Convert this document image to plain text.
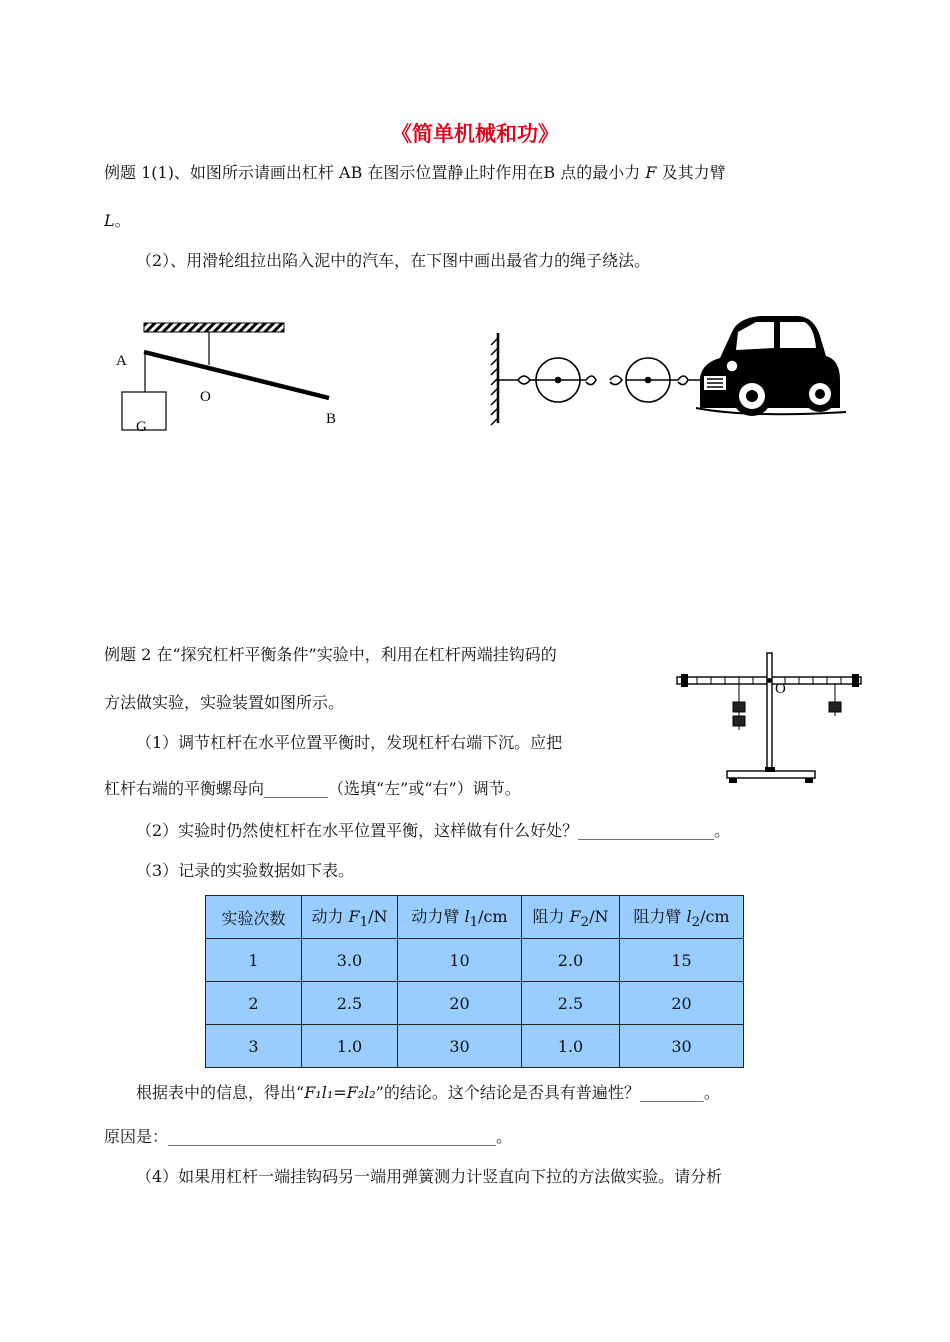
《简单机械和功》
例题 1(1)、如图所示请画出杠杆 AB 在图示位置静止时作用在B 点的最小力 F 及其力臂
L。
（2）、用滑轮组拉出陷入泥中的汽车，在下图中画出最省力的绳子绕法。
A
O
B
G
例题 2 在“探究杠杆平衡条件”实验中，利用在杠杆两端挂钩码的
方法做实验，实验装置如图所示。
（1）调节杠杆在水平位置平衡时，发现杠杆右端下沉。应把
杠杆右端的平衡螺母向________（选填“左”或“右”）调节。
（2）实验时仍然使杠杆在水平位置平衡，这样做有什么好处？_________________。
（3）记录的实验数据如下表。
O
实验次数	动力 $F_1/N$	动力臂 $l_1/cm$	阻力 $F_2/N$	阻力臂 $l_2/cm$
1	3.0	10	2.0	15
2	2.5	20	2.5	20
3	1.0	30	1.0	30
根据表中的信息，得出“F₁l₁=F₂l₂”的结论。这个结论是否具有普遍性？________。
原因是：_________________________________________。
（4）如果用杠杆一端挂钩码另一端用弹簧测力计竖直向下拉的方法做实验。请分析
